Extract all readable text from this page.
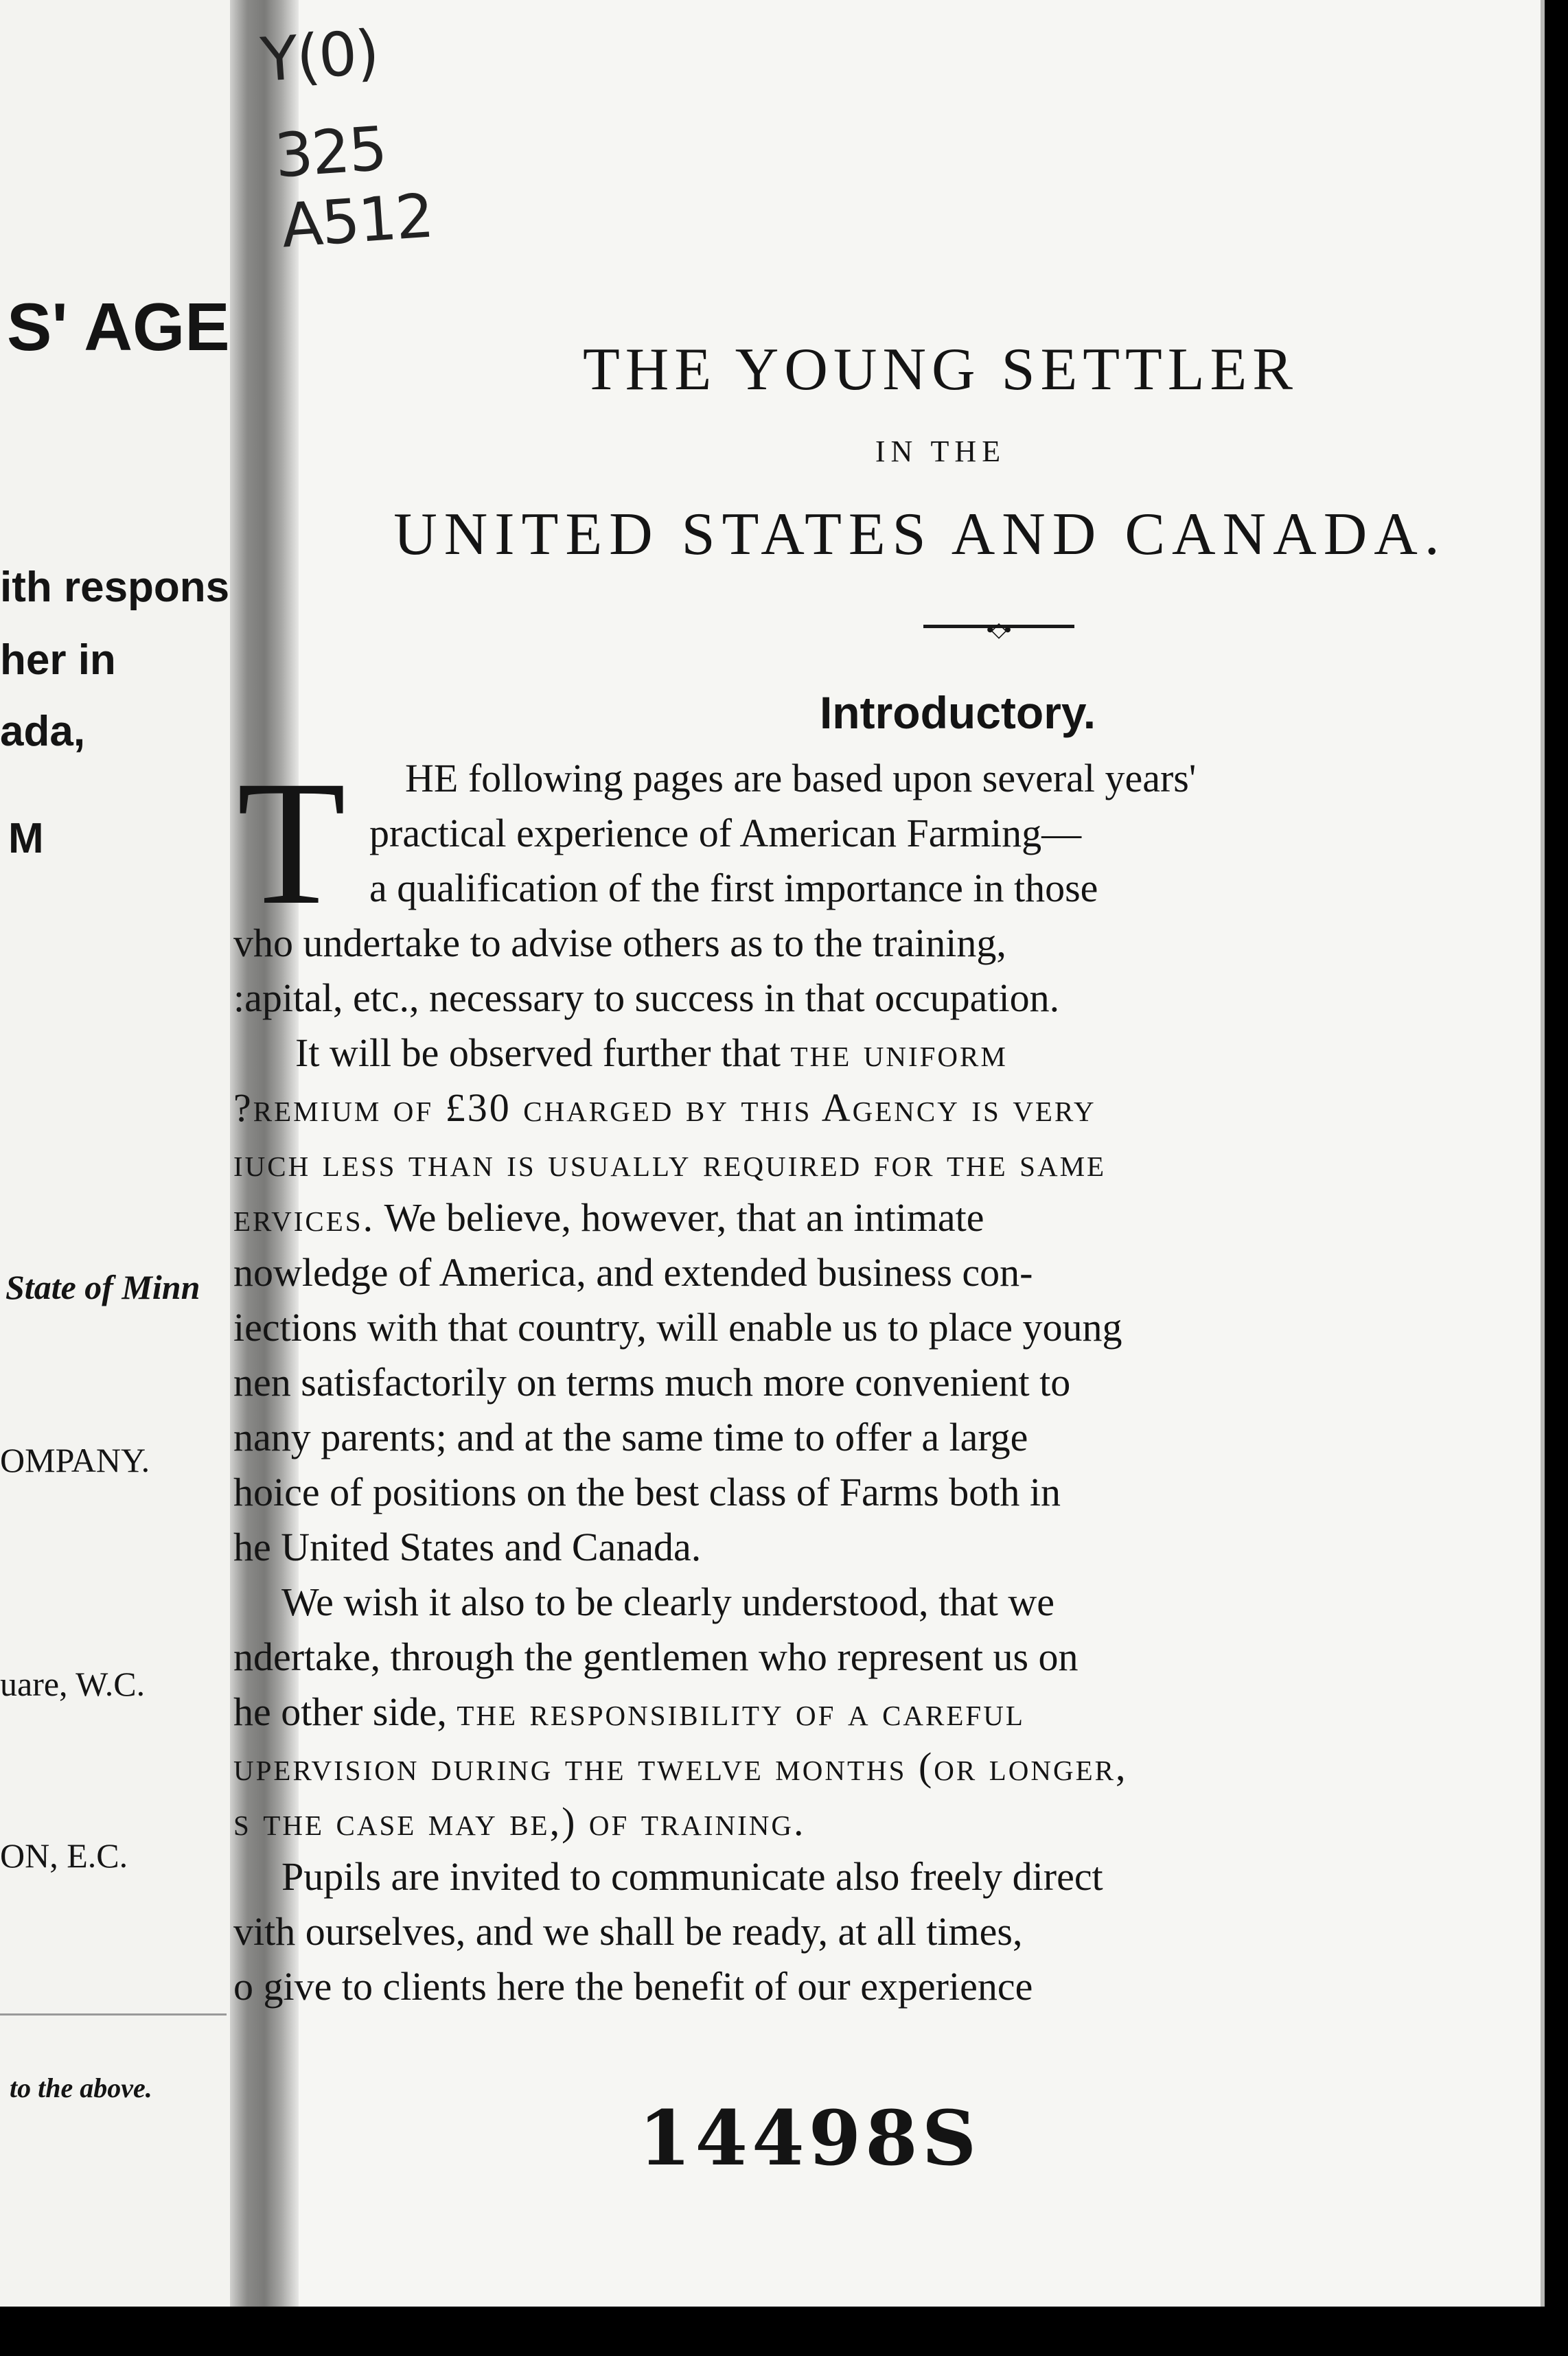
S' AGE
ith respons
her in
ada,
M
State of Minn
OMPANY.
uare, W.C.
ON, E.C.
to the above.
Y(0)
325
A512
THE YOUNG SETTLER
IN THE
UNITED STATES AND CANADA.
•◇•
Introductory.
T HE following pages are based upon several years'
practical experience of American Farming—
a qualification of the first importance in those
vho undertake to advise others as to the training,
:apital, etc., necessary to success in that occupation.
It will be observed further that the uniform
?remium of £30 charged by this Agency is very
iuch less than is usually required for the same
ervices. We believe, however, that an intimate
nowledge of America, and extended business con-
iections with that country, will enable us to place young
nen satisfactorily on terms much more convenient to
nany parents; and at the same time to offer a large
hoice of positions on the best class of Farms both in
he United States and Canada.
We wish it also to be clearly understood, that we
ndertake, through the gentlemen who represent us on
he other side, the responsibility of a careful
upervision during the twelve months (or longer,
s the case may be,) of training.
Pupils are invited to communicate also freely direct
vith ourselves, and we shall be ready, at all times,
o give to clients here the benefit of our experience
14498S
